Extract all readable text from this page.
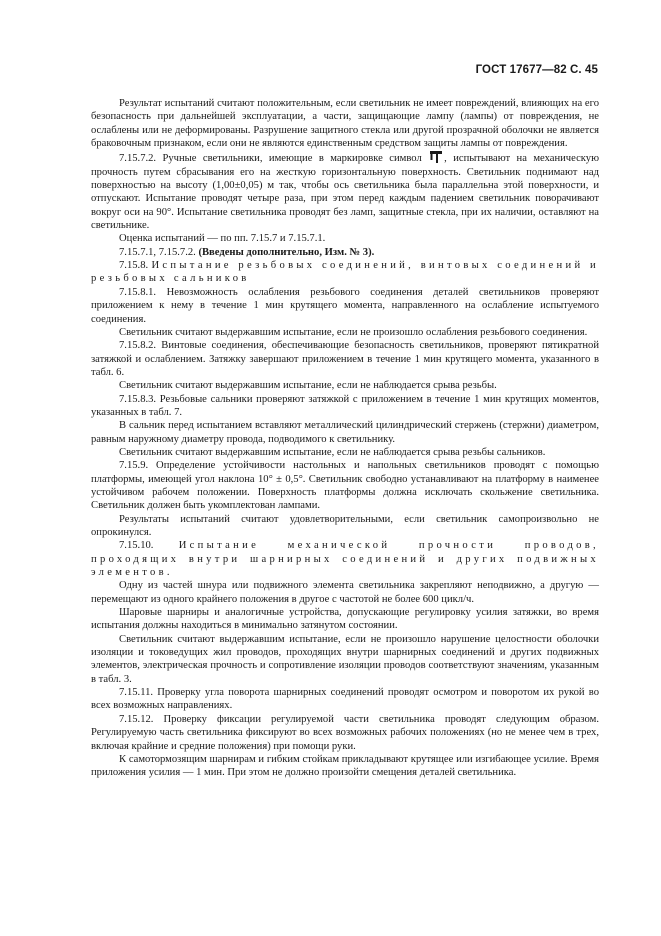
ГОСТ 17677—82 С. 45

Результат испытаний считают положительным, если светильник не имеет повреждений, влияющих на его безопасность при дальнейшей эксплуатации, а части, защищающие лампу (лампы) от повреждения, не ослаблены или не деформированы. Разрушение защитного стекла или другой прозрачной оболочки не является браковочным признаком, если они не являются единственным средством защиты лампы от повреждения.

7.15.7.2. Ручные светильники, имеющие в маркировке символ , испытывают на механическую прочность путем сбрасывания его на жесткую горизонтальную поверхность. Светильник поднимают над поверхностью на высоту (1,00±0,05) м так, чтобы ось светильника была параллельна этой поверхности, и отпускают. Испытание проводят четыре раза, при этом перед каждым падением светильник поворачивают вокруг оси на 90°. Испытание светильника проводят без ламп, защитные стекла, при их наличии, оставляют на светильнике.

Оценка испытаний — по пп. 7.15.7 и 7.15.7.1.

7.15.7.1, 7.15.7.2. (Введены дополнительно, Изм. № 3).

7.15.8. Испытание резьбовых соединений, винтовых соединений и резьбовых сальников

7.15.8.1. Невозможность ослабления резьбового соединения деталей светильников проверяют приложением к нему в течение 1 мин крутящего момента, направленного на ослабление испытуемого соединения.

Светильник считают выдержавшим испытание, если не произошло ослабления резьбового соединения.

7.15.8.2. Винтовые соединения, обеспечивающие безопасность светильников, проверяют пятикратной затяжкой и ослаблением. Затяжку завершают приложением в течение 1 мин крутящего момента, указанного в табл. 6.

Светильник считают выдержавшим испытание, если не наблюдается срыва резьбы.

7.15.8.3. Резьбовые сальники проверяют затяжкой с приложением в течение 1 мин крутящих моментов, указанных в табл. 7.

В сальник перед испытанием вставляют металлический цилиндрический стержень (стержни) диаметром, равным наружному диаметру провода, подводимого к светильнику.

Светильник считают выдержавшим испытание, если не наблюдается срыва резьбы сальников.

7.15.9. Определение устойчивости настольных и напольных светильников проводят с помощью платформы, имеющей угол наклона 10° ± 0,5°. Светильник свободно устанавливают на платформу в наименее устойчивом рабочем положении. Поверхность платформы должна исключать скольжение светильника. Светильник должен быть укомплектован лампами.

Результаты испытаний считают удовлетворительными, если светильник самопроизвольно не опрокинулся.

7.15.10. Испытание механической прочности проводов, проходящих внутри шарнирных соединений и других подвижных элементов.

Одну из частей шнура или подвижного элемента светильника закрепляют неподвижно, а другую — перемещают из одного крайнего положения в другое с частотой не более 600 цикл/ч.

Шаровые шарниры и аналогичные устройства, допускающие регулировку усилия затяжки, во время испытания должны находиться в минимально затянутом состоянии.

Светильник считают выдержавшим испытание, если не произошло нарушение целостности оболочки изоляции и токоведущих жил проводов, проходящих внутри шарнирных соединений и других подвижных элементов, электрическая прочность и сопротивление изоляции проводов соответствуют значениям, указанным в табл. 3.

7.15.11. Проверку угла поворота шарнирных соединений проводят осмотром и поворотом их рукой во всех возможных направлениях.

7.15.12. Проверку фиксации регулируемой части светильника проводят следующим образом. Регулируемую часть светильника фиксируют во всех возможных рабочих положениях (но не менее чем в трех, включая крайние и средние положения) при помощи руки.

К самотормозящим шарнирам и гибким стойкам прикладывают крутящее или изгибающее усилие. Время приложения усилия — 1 мин. При этом не должно произойти смещения деталей светильника.
